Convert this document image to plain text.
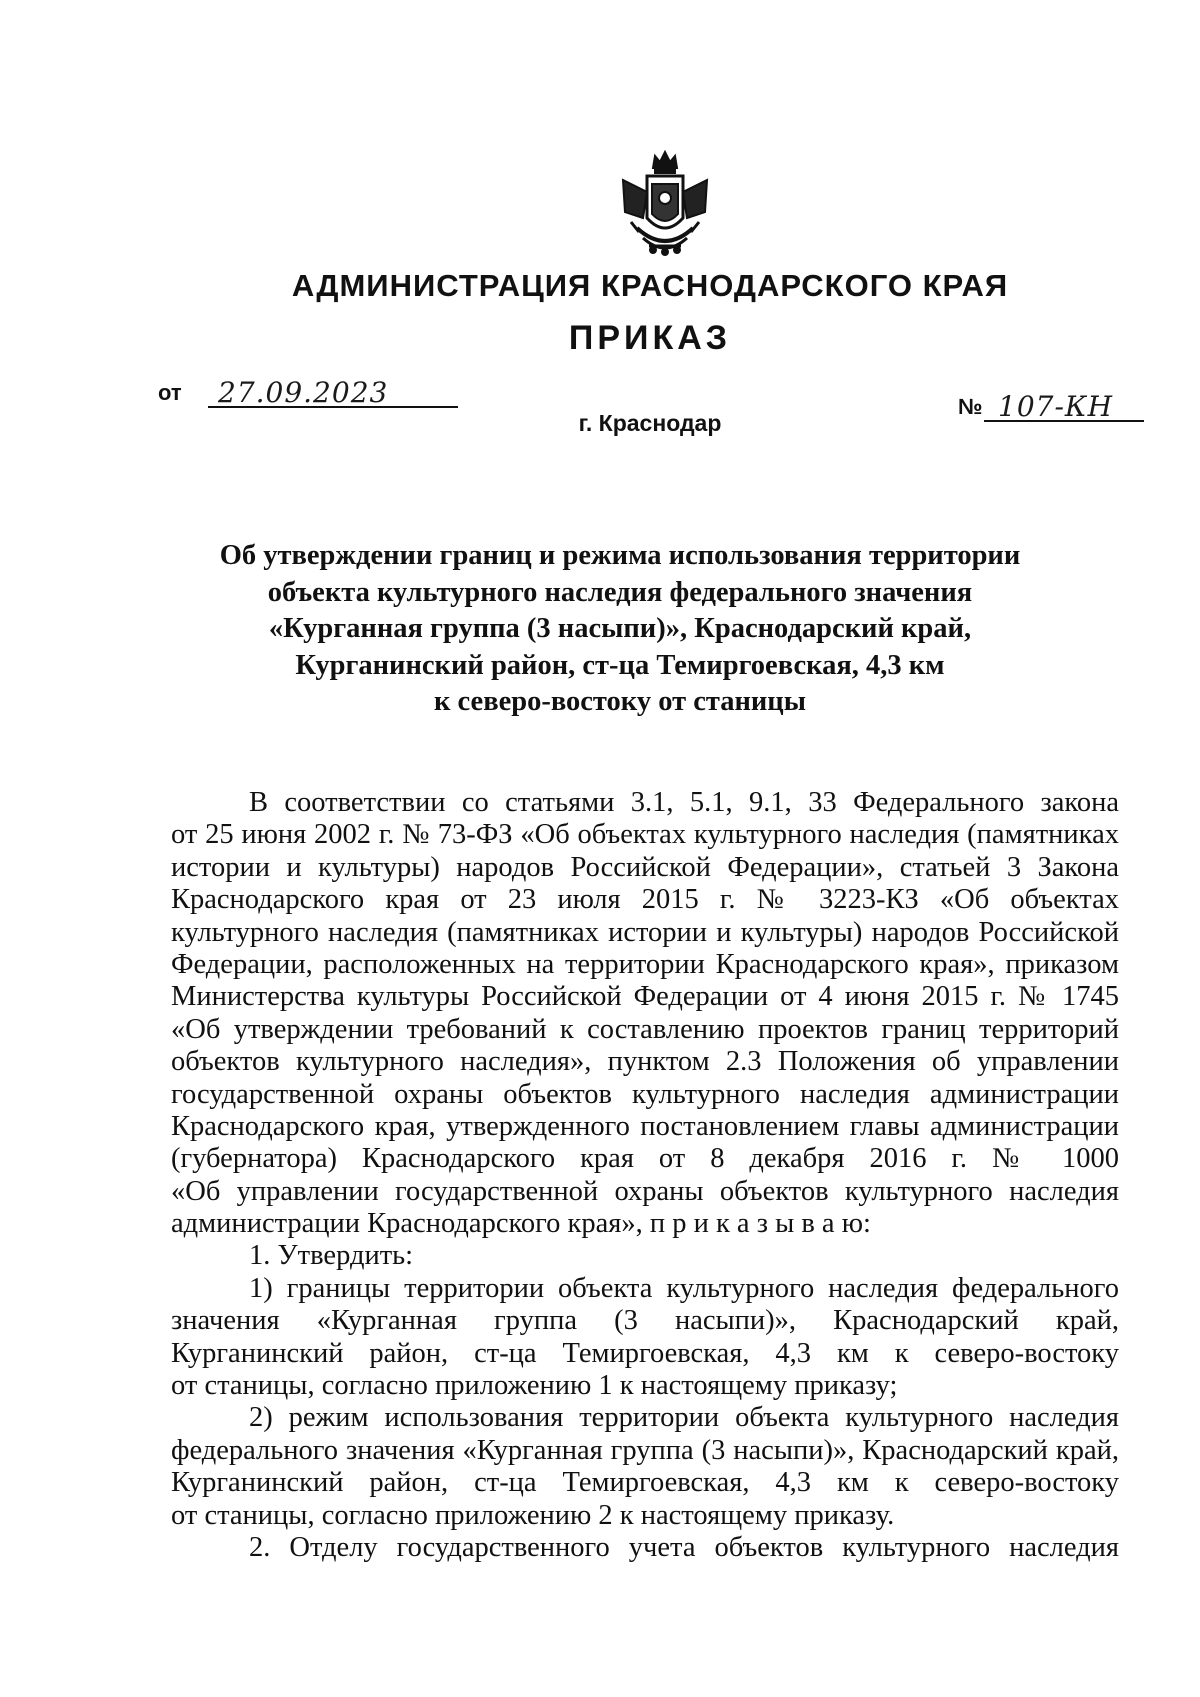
АДМИНИСТРАЦИЯ КРАСНОДАРСКОГО КРАЯ
ПРИКАЗ
от 27.09.2023
г. Краснодар
№ 107-КН
Об утверждении границ и режима использования территории
объекта культурного наследия федерального значения
«Курганная группа (3 насыпи)», Краснодарский край,
Курганинский район, ст-ца Темиргоевская, 4,3 км
к северо-востоку от станицы
В соответствии со статьями 3.1, 5.1, 9.1, 33 Федерального закона
от 25 июня 2002 г. № 73-ФЗ «Об объектах культурного наследия (памятниках
истории и культуры) народов Российской Федерации», статьей 3 Закона
Краснодарского края от 23 июля 2015 г. № 3223-КЗ «Об объектах
культурного наследия (памятниках истории и культуры) народов Российской
Федерации, расположенных на территории Краснодарского края», приказом
Министерства культуры Российской Федерации от 4 июня 2015 г. № 1745
«Об утверждении требований к составлению проектов границ территорий
объектов культурного наследия», пунктом 2.3 Положения об управлении
государственной охраны объектов культурного наследия администрации
Краснодарского края, утвержденного постановлением главы администрации
(губернатора) Краснодарского края от 8 декабря 2016 г. № 1000
«Об управлении государственной охраны объектов культурного наследия
администрации Краснодарского края», п р и к а з ы в а ю:
1. Утвердить:
1) границы территории объекта культурного наследия федерального
значения «Курганная группа (3 насыпи)», Краснодарский край,
Курганинский район, ст-ца Темиргоевская, 4,3 км к северо-востоку
от станицы, согласно приложению 1 к настоящему приказу;
2) режим использования территории объекта культурного наследия
федерального значения «Курганная группа (3 насыпи)», Краснодарский край,
Курганинский район, ст-ца Темиргоевская, 4,3 км к северо-востоку
от станицы, согласно приложению 2 к настоящему приказу.
2. Отделу государственного учета объектов культурного наследия
